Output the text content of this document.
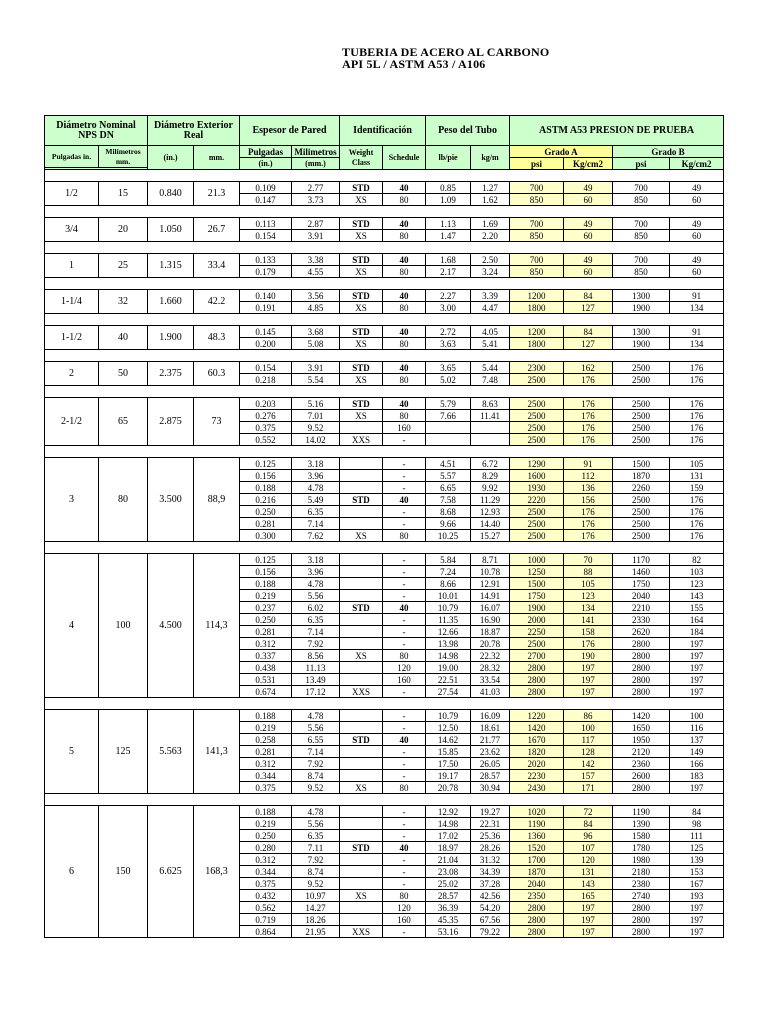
TUBERIA DE ACERO AL CARBONO
API 5L / ASTM A53 / A106
Diámetro Nominal
NPS DN		Diámetro Exterior Real		Espesor de Pared		Identificación		Peso del Tubo		ASTM A53 PRESION DE PRUEBA			
Pulgadas in.	Milimetros mm.	(in.)	mm.	Pulgadas	Milimetros	Weight Class	Schedule	lb/pie	kg/m	Grado A		Grado B	
				(in.)	(mm.)					psi	Kg/cm2	psi	Kg/cm2

1/2	15	0.840	21.3	0.109	2.77	STD	40	0.85	1.27	700	49	700	49
				0.147	3.73	XS	80	1.09	1.62	850	60	850	60

3/4	20	1.050	26.7	0.113	2.87	STD	40	1.13	1.69	700	49	700	49
				0.154	3.91	XS	80	1.47	2.20	850	60	850	60

1	25	1.315	33.4	0.133	3.38	STD	40	1.68	2.50	700	49	700	49
				0.179	4.55	XS	80	2.17	3.24	850	60	850	60

1-1/4	32	1.660	42.2	0.140	3.56	STD	40	2.27	3.39	1200	84	1300	91
				0.191	4.85	XS	80	3.00	4.47	1800	127	1900	134

1-1/2	40	1.900	48.3	0.145	3.68	STD	40	2.72	4.05	1200	84	1300	91
				0.200	5.08	XS	80	3.63	5.41	1800	127	1900	134

2	50	2.375	60.3	0.154	3.91	STD	40	3.65	5.44	2300	162	2500	176
				0.218	5.54	XS	80	5.02	7.48	2500	176	2500	176

2-1/2	65	2.875	73	0.203	5.16	STD	40	5.79	8.63	2500	176	2500	176
				0.276	7.01	XS	80	7.66	11.41	2500	176	2500	176
				0.375	9.52		160			2500	176	2500	176
				0.552	14.02	XXS	-			2500	176	2500	176

3	80	3.500	88,9	0.125	3.18		-	4.51	6.72	1290	91	1500	105
				0.156	3.96		-	5.57	8.29	1600	112	1870	131
				0.188	4.78		-	6.65	9.92	1930	136	2260	159
				0.216	5.49	STD	40	7.58	11.29	2220	156	2500	176
				0.250	6.35		-	8.68	12.93	2500	176	2500	176
				0.281	7.14		-	9.66	14.40	2500	176	2500	176
				0.300	7.62	XS	80	10.25	15.27	2500	176	2500	176

4	100	4.500	114,3	0.125	3.18		-	5.84	8.71	1000	70	1170	82
				0.156	3.96		-	7.24	10.78	1250	88	1460	103
				0.188	4.78		-	8.66	12.91	1500	105	1750	123
				0.219	5.56		-	10.01	14.91	1750	123	2040	143
				0.237	6.02	STD	40	10.79	16.07	1900	134	2210	155
				0.250	6.35		-	11.35	16.90	2000	141	2330	164
				0.281	7.14		-	12.66	18.87	2250	158	2620	184
				0.312	7.92		-	13.98	20.78	2500	176	2800	197
				0.337	8.56	XS	80	14.98	22.32	2700	190	2800	197
				0.438	11.13		120	19.00	28.32	2800	197	2800	197
				0.531	13.49		160	22.51	33.54	2800	197	2800	197
				0.674	17.12	XXS	-	27.54	41.03	2800	197	2800	197

5	125	5.563	141,3	0.188	4.78		-	10.79	16.09	1220	86	1420	100
				0.219	5.56		-	12.50	18.61	1420	100	1650	116
				0.258	6.55	STD	40	14.62	21.77	1670	117	1950	137
				0.281	7.14		-	15.85	23.62	1820	128	2120	149
				0.312	7.92		-	17.50	26.05	2020	142	2360	166
				0.344	8.74		-	19.17	28.57	2230	157	2600	183
				0.375	9.52	XS	80	20.78	30.94	2430	171	2800	197

6	150	6.625	168,3	0.188	4.78		-	12.92	19.27	1020	72	1190	84
				0.219	5.56		-	14.98	22.31	1190	84	1390	98
				0.250	6.35		-	17.02	25.36	1360	96	1580	111
				0.280	7.11	STD	40	18.97	28.26	1520	107	1780	125
				0.312	7.92		-	21.04	31.32	1700	120	1980	139
				0.344	8.74		-	23.08	34.39	1870	131	2180	153
				0.375	9.52		-	25.02	37.28	2040	143	2380	167
				0.432	10.97	XS	80	28.57	42.56	2350	165	2740	193
				0.562	14.27		120	36.39	54.20	2800	197	2800	197
				0.719	18.26		160	45.35	67.56	2800	197	2800	197
				0.864	21.95	XXS	-	53.16	79.22	2800	197	2800	197
